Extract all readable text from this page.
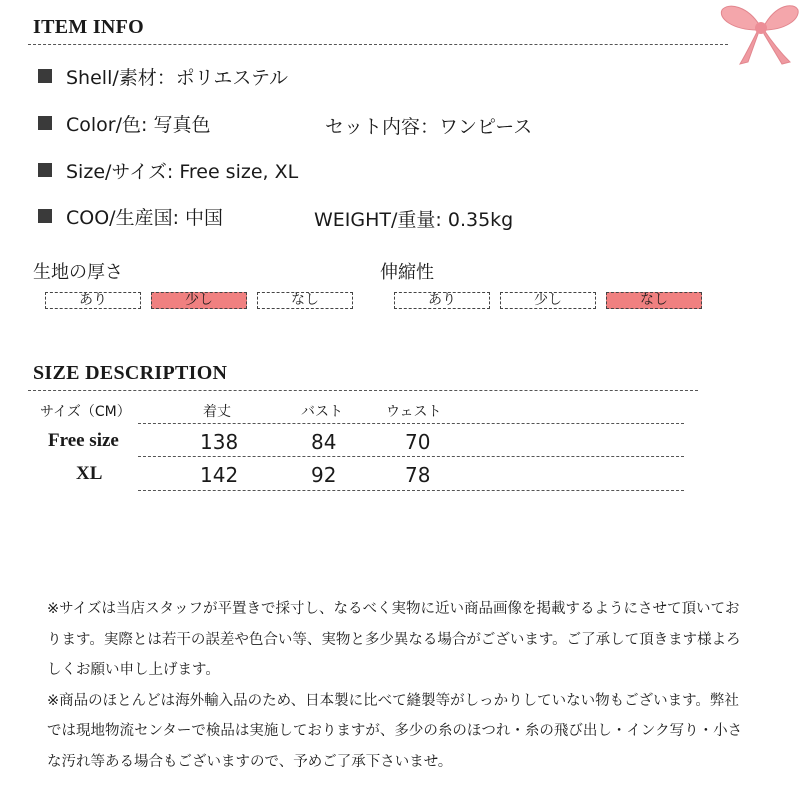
ITEM INFO
Shell/素材：ポリエステル
Color/色: 写真色	セット内容：ワンピース
Size/サイズ: Free size, XL
COO/生産国: 中国	WEIGHT/重量: 0.35kg
生地の厚さ
あり	少し	なし
伸縮性
あり	少し	なし
SIZE DESCRIPTION
サイズ（CM）	着丈	バスト	ウェスト
Free size	138	84	70
XL	142	92	78

※サイズは当店スタッフが平置きで採寸し、なるべく実物に近い商品画像を掲載するようにさせて頂いております。実際とは若干の誤差や色合い等、実物と多少異なる場合がございます。ご了承して頂きます様よろしくお願い申し上げます。

※商品のほとんどは海外輸入品のため、日本製に比べて縫製等がしっかりしていない物もございます。弊社では現地物流センターで検品は実施しておりますが、多少の糸のほつれ・糸の飛び出し・インク写り・小さな汚れ等ある場合もございますので、予めご了承下さいませ。
